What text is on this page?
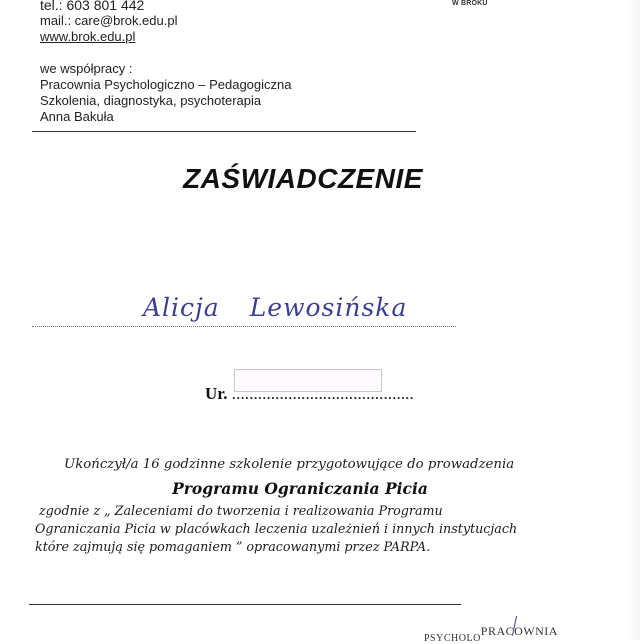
tel.: 603 801 442
mail.: care@brok.edu.pl
www.brok.edu.pl
we współpracy :
Pracownia Psychologiczno – Pedagogiczna
Szkolenia, diagnostyka, psychoterapia
Anna Bakuła
W BROKU
ZAŚWIADCZENIE
Alicja Lewosińska
Ur. ……………………………………
Ukończył/a 16 godzinne szkolenie przygotowujące do prowadzenia
Programu Ograniczania Picia
zgodnie z „ Zaleceniami do tworzenia i realizowania Programu
Ograniczania Picia w placówkach leczenia uzależnień i innych instytucjach
które zajmują się pomaganiem ” opracowanymi przez PARPA.
PSYCHOLOPRACOWNIA
